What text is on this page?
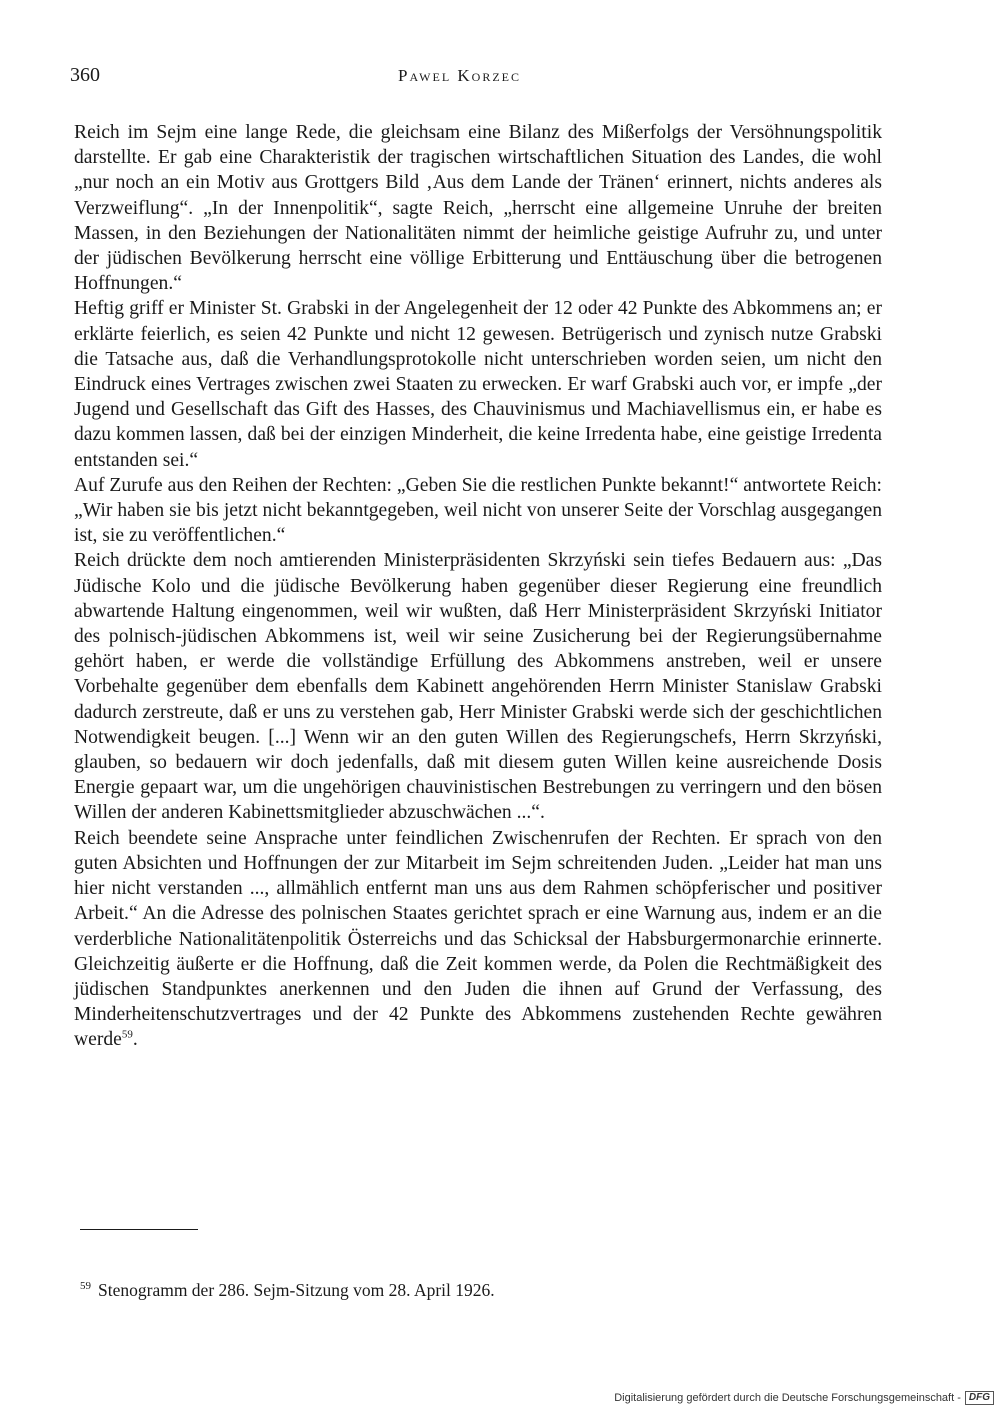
360	Pawel Korzec

Reich im Sejm eine lange Rede, die gleichsam eine Bilanz des Mißerfolgs der Versöhnungspolitik darstellte. Er gab eine Charakteristik der tragischen wirtschaftlichen Situation des Landes, die wohl „nur noch an ein Motiv aus Grottgers Bild ‚Aus dem Lande der Tränen‘ erinnert, nichts anderes als Verzweiflung“. „In der Innenpolitik“, sagte Reich, „herrscht eine allgemeine Unruhe der breiten Massen, in den Beziehungen der Nationalitäten nimmt der heimliche geistige Aufruhr zu, und unter der jüdischen Bevölkerung herrscht eine völlige Erbitterung und Enttäuschung über die betrogenen Hoffnungen.“

Heftig griff er Minister St. Grabski in der Angelegenheit der 12 oder 42 Punkte des Abkommens an; er erklärte feierlich, es seien 42 Punkte und nicht 12 gewesen. Betrügerisch und zynisch nutze Grabski die Tatsache aus, daß die Verhandlungsprotokolle nicht unterschrieben worden seien, um nicht den Eindruck eines Vertrages zwischen zwei Staaten zu erwecken. Er warf Grabski auch vor, er impfe „der Jugend und Gesellschaft das Gift des Hasses, des Chauvinismus und Machiavellismus ein, er habe es dazu kommen lassen, daß bei der einzigen Minderheit, die keine Irredenta habe, eine geistige Irredenta entstanden sei.“

Auf Zurufe aus den Reihen der Rechten: „Geben Sie die restlichen Punkte bekannt!“ antwortete Reich: „Wir haben sie bis jetzt nicht bekanntgegeben, weil nicht von unserer Seite der Vorschlag ausgegangen ist, sie zu veröffentlichen.“

Reich drückte dem noch amtierenden Ministerpräsidenten Skrzyński sein tiefes Bedauern aus: „Das Jüdische Kolo und die jüdische Bevölkerung haben gegenüber dieser Regierung eine freundlich abwartende Haltung eingenommen, weil wir wußten, daß Herr Ministerpräsident Skrzyński Initiator des polnisch-jüdischen Abkommens ist, weil wir seine Zusicherung bei der Regierungsübernahme gehört haben, er werde die vollständige Erfüllung des Abkommens anstreben, weil er unsere Vorbehalte gegenüber dem ebenfalls dem Kabinett angehörenden Herrn Minister Stanislaw Grabski dadurch zerstreute, daß er uns zu verstehen gab, Herr Minister Grabski werde sich der geschichtlichen Notwendigkeit beugen. [...] Wenn wir an den guten Willen des Regierungschefs, Herrn Skrzyński, glauben, so bedauern wir doch jedenfalls, daß mit diesem guten Willen keine ausreichende Dosis Energie gepaart war, um die ungehörigen chauvinistischen Bestrebungen zu verringern und den bösen Willen der anderen Kabinettsmitglieder abzuschwächen ...“.

Reich beendete seine Ansprache unter feindlichen Zwischenrufen der Rechten. Er sprach von den guten Absichten und Hoffnungen der zur Mitarbeit im Sejm schreitenden Juden. „Leider hat man uns hier nicht verstanden ..., allmählich entfernt man uns aus dem Rahmen schöpferischer und positiver Arbeit.“ An die Adresse des polnischen Staates gerichtet sprach er eine Warnung aus, indem er an die verderbliche Nationalitätenpolitik Österreichs und das Schicksal der Habsburgermonarchie erinnerte. Gleichzeitig äußerte er die Hoffnung, daß die Zeit kommen werde, da Polen die Rechtmäßigkeit des jüdischen Standpunktes anerkennen und den Juden die ihnen auf Grund der Verfassung, des Minderheitenschutzvertrages und der 42 Punkte des Abkommens zustehenden Rechte gewähren werde$^{59}$.

$^{59}$ Stenogramm der 286. Sejm-Sitzung vom 28. April 1926.
Digitalisierung gefördert durch die Deutsche Forschungsgemeinschaft - DFG
